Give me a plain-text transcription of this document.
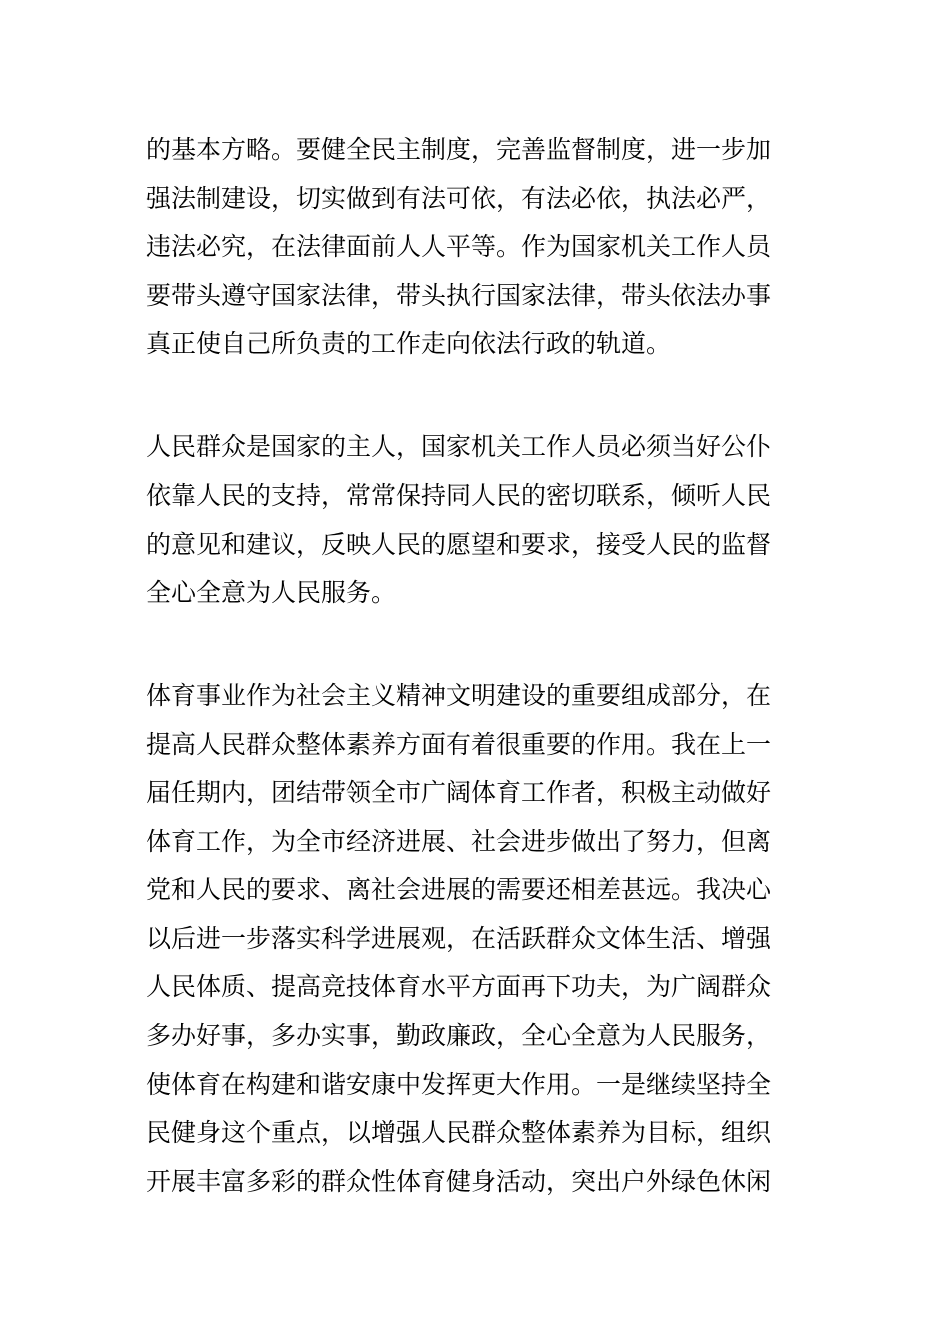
的基本方略。要健全民主制度，完善监督制度，进一步加
强法制建设，切实做到有法可依，有法必依，执法必严，
违法必究，在法律面前人人平等。作为国家机关工作人员
要带头遵守国家法律，带头执行国家法律，带头依法办事
真正使自己所负责的工作走向依法行政的轨道。
人民群众是国家的主人，国家机关工作人员必须当好公仆
依靠人民的支持，常常保持同人民的密切联系，倾听人民
的意见和建议，反映人民的愿望和要求，接受人民的监督
全心全意为人民服务。
体育事业作为社会主义精神文明建设的重要组成部分，在
提高人民群众整体素养方面有着很重要的作用。我在上一
届任期内，团结带领全市广阔体育工作者，积极主动做好
体育工作，为全市经济进展、社会进步做出了努力，但离
党和人民的要求、离社会进展的需要还相差甚远。我决心
以后进一步落实科学进展观，在活跃群众文体生活、增强
人民体质、提高竞技体育水平方面再下功夫，为广阔群众
多办好事，多办实事，勤政廉政，全心全意为人民服务，
使体育在构建和谐安康中发挥更大作用。一是继续坚持全
民健身这个重点，以增强人民群众整体素养为目标，组织
开展丰富多彩的群众性体育健身活动，突出户外绿色休闲
